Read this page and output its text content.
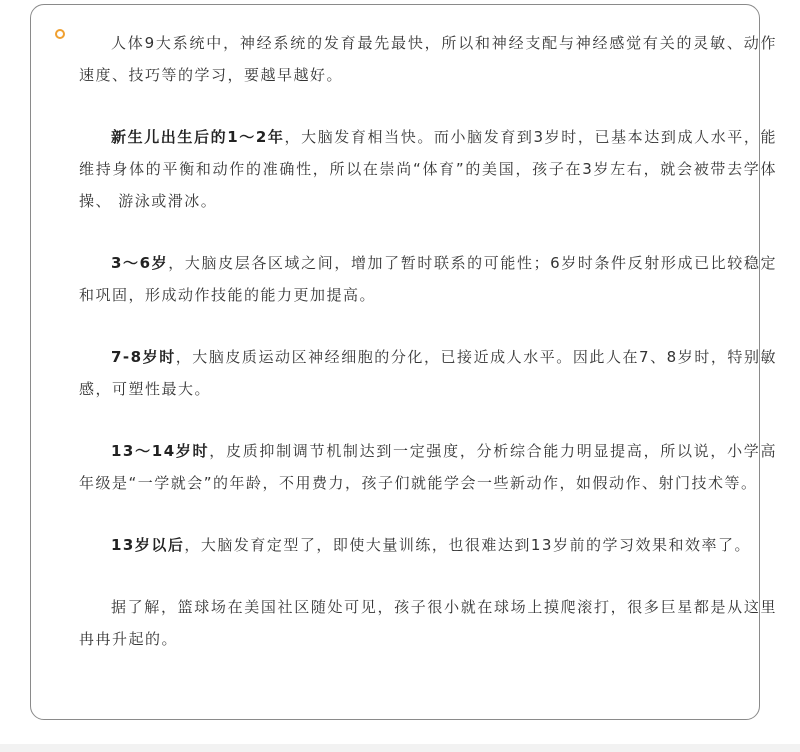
人体9大系统中，神经系统的发育最先最快，所以和神经支配与神经感觉有关的灵敏、动作速度、技巧等的学习，要越早越好。

新生儿出生后的1～2年，大脑发育相当快。而小脑发育到3岁时，已基本达到成人水平，能维持身体的平衡和动作的准确性，所以在崇尚“体育”的美国，孩子在3岁左右，就会被带去学体操、 游泳或滑冰。

3～6岁，大脑皮层各区域之间，增加了暂时联系的可能性；6岁时条件反射形成已比较稳定和巩固，形成动作技能的能力更加提高。

7-8岁时，大脑皮质运动区神经细胞的分化，已接近成人水平。因此人在7、8岁时，特别敏感，可塑性最大。

13～14岁时，皮质抑制调节机制达到一定强度，分析综合能力明显提高，所以说，小学高年级是“一学就会”的年龄，不用费力，孩子们就能学会一些新动作，如假动作、射门技术等。

13岁以后，大脑发育定型了，即使大量训练，也很难达到13岁前的学习效果和效率了。

据了解，篮球场在美国社区随处可见，孩子很小就在球场上摸爬滚打，很多巨星都是从这里冉冉升起的。
